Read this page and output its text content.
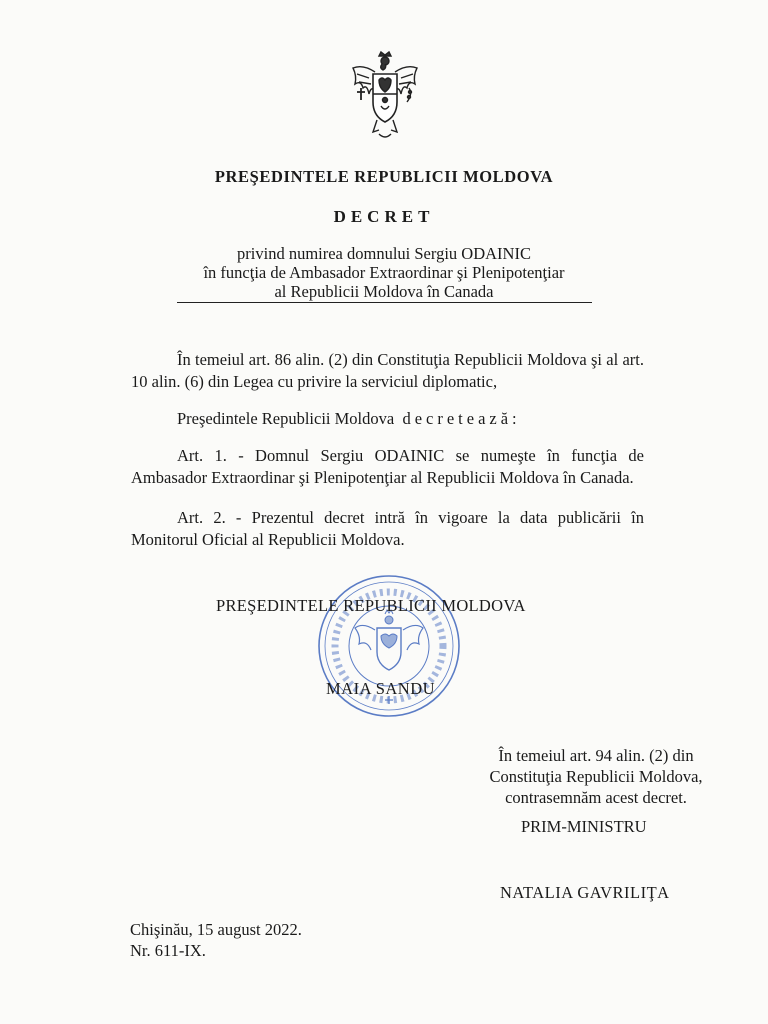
PREŞEDINTELE REPUBLICII MOLDOVA
DECRET
privind numirea domnului Sergiu ODAINIC
în funcţia de Ambasador Extraordinar şi Plenipotenţiar
al Republicii Moldova în Canada
În temeiul art. 86 alin. (2) din Constituţia Republicii Moldova şi al art. 10 alin. (6) din Legea cu privire la serviciul diplomatic,
Preşedintele Republicii Moldova decretează:
Art. 1. - Domnul Sergiu ODAINIC se numeşte în funcţia de Ambasador Extraordinar şi Plenipotenţiar al Republicii Moldova în Canada.
Art. 2. - Prezentul decret intră în vigoare la data publicării în Monitorul Oficial al Republicii Moldova.
PREŞEDINTELE REPUBLICII MOLDOVA
MAIA SANDU
În temeiul art. 94 alin. (2) din
Constituţia Republicii Moldova,
contrasemnăm acest decret.
PRIM-MINISTRU
NATALIA GAVRILIŢA
Chişinău, 15 august 2022.
Nr. 611-IX.
